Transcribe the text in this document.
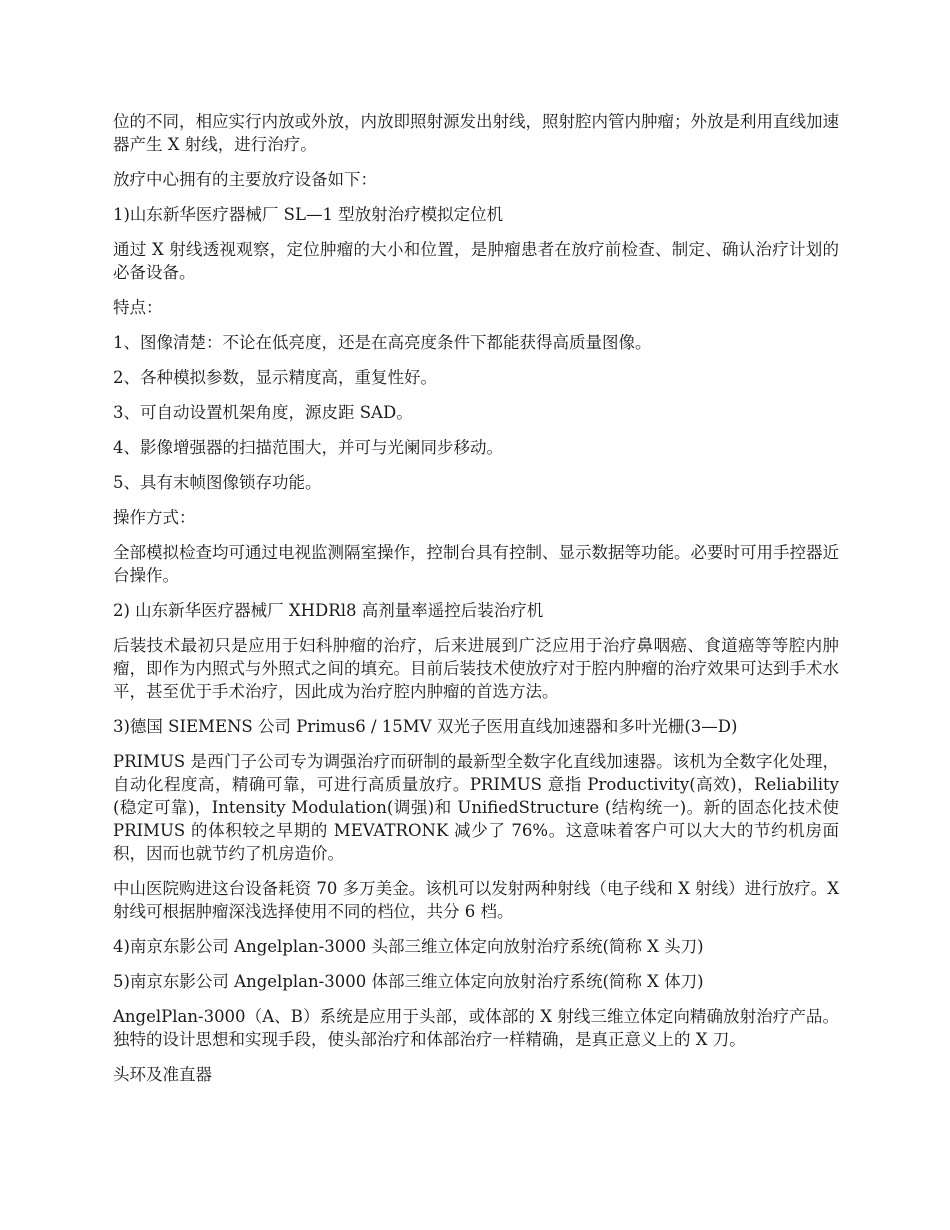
位的不同，相应实行内放或外放，内放即照射源发出射线，照射腔内管内肿瘤；外放是利用直线加速器产生 X 射线，进行治疗。

放疗中心拥有的主要放疗设备如下：

1)山东新华医疗器械厂 SL—1 型放射治疗模拟定位机

通过 X 射线透视观察，定位肿瘤的大小和位置，是肿瘤患者在放疗前检查、制定、确认治疗计划的必备设备。

特点：

1、图像清楚：不论在低亮度，还是在高亮度条件下都能获得高质量图像。

2、各种模拟参数，显示精度高，重复性好。

3、可自动设置机架角度，源皮距 SAD。

4、影像增强器的扫描范围大，并可与光阑同步移动。

5、具有末帧图像锁存功能。

操作方式：

全部模拟检查均可通过电视监测隔室操作，控制台具有控制、显示数据等功能。必要时可用手控器近台操作。

2) 山东新华医疗器械厂 XHDRl8 高剂量率遥控后装治疗机

后装技术最初只是应用于妇科肿瘤的治疗，后来进展到广泛应用于治疗鼻咽癌、食道癌等等腔内肿瘤，即作为内照式与外照式之间的填充。目前后装技术使放疗对于腔内肿瘤的治疗效果可达到手术水平，甚至优于手术治疗，因此成为治疗腔内肿瘤的首选方法。

3)德国 SIEMENS 公司 Primus6 / 15MV 双光子医用直线加速器和多叶光栅(3—D)

PRIMUS 是西门子公司专为调强治疗而研制的最新型全数字化直线加速器。该机为全数字化处理，自动化程度高，精确可靠，可进行高质量放疗。PRIMUS 意指 Productivity(高效)，Reliability(稳定可靠)，Intensity Modulation(调强)和 UnifiedStructure (结构统一)。新的固态化技术使 PRIMUS 的体积较之早期的 MEVATRONK 减少了 76%。这意味着客户可以大大的节约机房面积，因而也就节约了机房造价。

中山医院购进这台设备耗资 70 多万美金。该机可以发射两种射线（电子线和 X 射线）进行放疗。X 射线可根据肿瘤深浅选择使用不同的档位，共分 6 档。

4)南京东影公司 Angelplan-3000 头部三维立体定向放射治疗系统(简称 X 头刀)

5)南京东影公司 Angelplan-3000 体部三维立体定向放射治疗系统(简称 X 体刀)

AngelPlan-3000（A、B）系统是应用于头部，或体部的 X 射线三维立体定向精确放射治疗产品。独特的设计思想和实现手段，使头部治疗和体部治疗一样精确，是真正意义上的 X 刀。

头环及准直器
